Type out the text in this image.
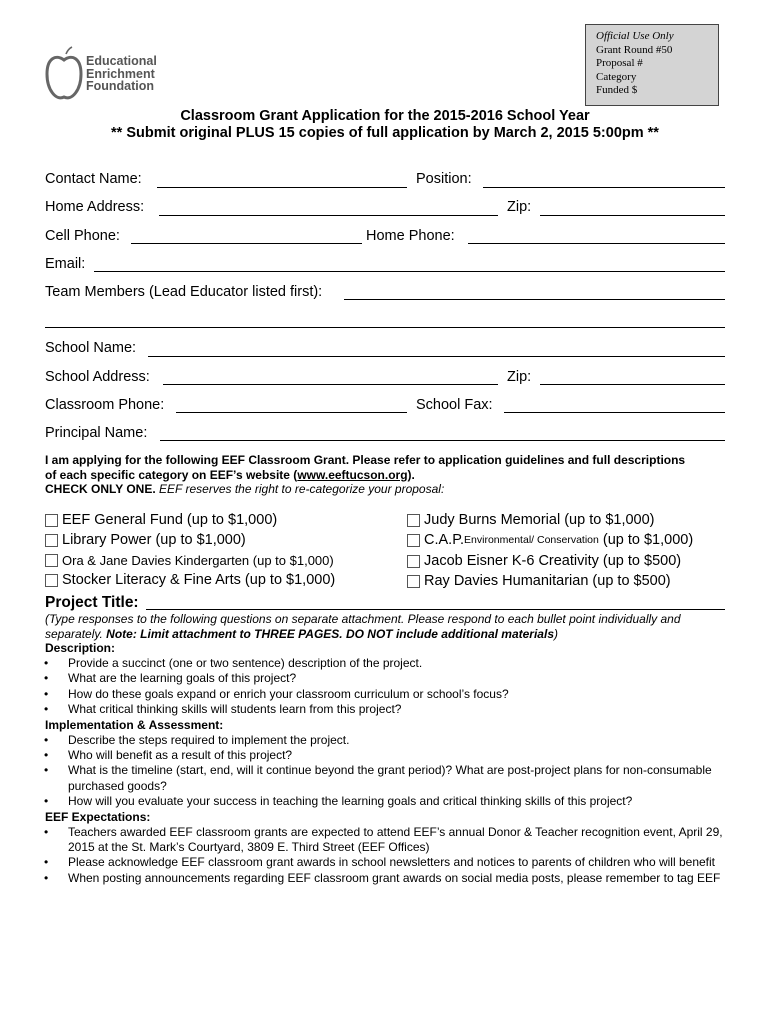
Educational
Enrichment
Foundation
Official Use Only
Grant Round #50
Proposal #
Category
Funded $
Classroom Grant Application for the 2015-2016 School Year
** Submit original PLUS 15 copies of full application by March 2, 2015 5:00pm **
Contact Name:	Position:
Home Address:	Zip:
Cell Phone:	Home Phone:
Email:
Team Members (Lead Educator listed first):
School Name:
School Address:	Zip:
Classroom Phone:	School Fax:
Principal Name:
I am applying for the following EEF Classroom Grant. Please refer to application guidelines and full descriptions
of each specific category on EEF’s website (www.eeftucson.org).
CHECK ONLY ONE. EEF reserves the right to re-categorize your proposal:
EEF General Fund (up to $1,000)
Library Power (up to $1,000)
Ora & Jane Davies Kindergarten (up to $1,000)
Stocker Literacy & Fine Arts (up to $1,000)
Judy Burns Memorial (up to $1,000)
C.A.P. Environmental/ Conservation (up to $1,000)
Jacob Eisner K-6 Creativity (up to $500)
Ray Davies Humanitarian (up to $500)
Project Title:
(Type responses to the following questions on separate attachment. Please respond to each bullet point individually and
separately. Note: Limit attachment to THREE PAGES. DO NOT include additional materials)
Description:
• Provide a succinct (one or two sentence) description of the project.
• What are the learning goals of this project?
• How do these goals expand or enrich your classroom curriculum or school’s focus?
• What critical thinking skills will students learn from this project?
Implementation & Assessment:
• Describe the steps required to implement the project.
• Who will benefit as a result of this project?
• What is the timeline (start, end, will it continue beyond the grant period)? What are post-project plans for non-consumable purchased goods?
• How will you evaluate your success in teaching the learning goals and critical thinking skills of this project?
EEF Expectations:
• Teachers awarded EEF classroom grants are expected to attend EEF’s annual Donor & Teacher recognition event, April 29, 2015 at the St. Mark’s Courtyard, 3809 E. Third Street (EEF Offices)
• Please acknowledge EEF classroom grant awards in school newsletters and notices to parents of children who will benefit
• When posting announcements regarding EEF classroom grant awards on social media posts, please remember to tag EEF
